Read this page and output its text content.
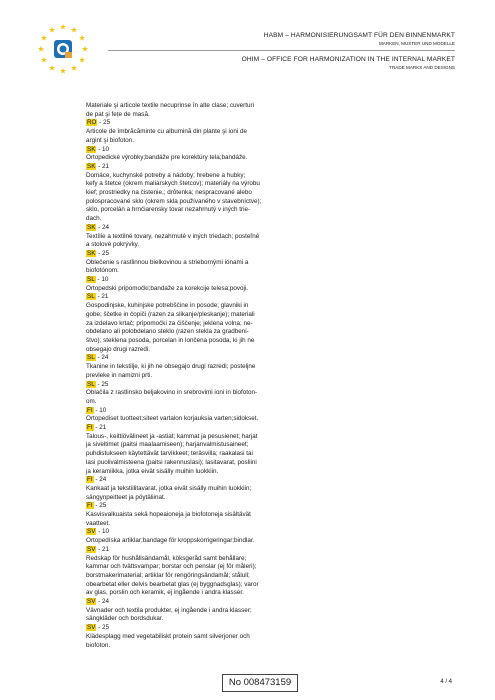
HABM – HARMONISIERUNGSAMT FÜR DEN BINNENMARKT
MARKEN, MUSTER UND MODELLE
OHIM – OFFICE FOR HARMONIZATION IN THE INTERNAL MARKET
TRADE MARKS AND DESIGNS

Materiale şi articole textile necuprinse în alte clase; cuverturi

de pat şi fețe de masă.

RO - 25

Articole de îmbrăcăminte cu albumină din plante şi ioni de

argint şi biofoton.

SK - 10

Ortopedické výrobky;bandáže pre korektúry tela;bandáže.

SK - 21

Domáce, kuchynské potreby a nádoby; hrebene a hubky;

kefy a štetce (okrem maliarskych štetcov); materiály na výrobu

kief; prostriedky na čistenie,; drôtenka; nespracované alebo

polospracované sklo (okrem skla používaného v stavebníctve);

sklo, porcelán a hrnčiarensky tovar nezahrnutý v iných trie-

dach.

SK - 24

Textílie a textilné tovary, nezahrnuté v iných triedach; posteľné

a stolové pokrývky.

SK - 25

Oblečenie s rastlinnou bielkovinou a striebornými iónami a

biofotónom.

SL - 10

Ortopedski pripomočki;bandaže za korekcije telesa;povoji.

SL - 21

Gospodinjske, kuhinjske potrebščine in posode; glavniki in

gobe; ščetke in čopiči (razen za slikanje/pleskanje); materiali

za izdelavo krtač; pripomočki za čiščenje; jeklena volna; ne-

obdelano ali polobdelano steklo (razen stekla za gradbeni-

štvo); steklena posoda, porcelan in lončena posoda, ki jih ne

obsegajo drugi razredi.

SL - 24

Tkanine in tekstilje, ki jih ne obsegajo drugi razredi; posteljne

prevleke in namizni prti.

SL - 25

Oblačila z rastlinsko beljakovino in srebrovimi ioni in biofoton-

om.

FI - 10

Ortopediset tuotteet;siteet vartalon korjauksia varten;sidokset.

FI - 21

Talous-, keittiövälineet ja -astiat; kammat ja pesusienet; harjat

ja siveltimet (paitsi maalaamiseen); harjanvalmistusaineet;

puhdistukseen käytettävät tarvikkeet; teräsvilla; raakalasi tai

lasi puolivalmisteena (paitsi rakennuslasi); lasitavarat, posliini

ja keramiikka, jotka eivät sisälly muihin luokkiin.

FI - 24

Kankaat ja tekstiilitavarat, jotka eivät sisälly muihin luokkiin;

sängynpeitteet ja pöytäliinat.

FI - 25

Kasvisvalkuaista sekä hopeaioneja ja biofotoneja sisältävät

vaatteet.

SV - 10

Ortopedíska artiklar;bandage för kroppskorrigeringar;bindlar.

SV - 21

Redskap för hushållsändamål, köksgeråd samt behållare;

kammar och tvättsvampar; borstar och penslar (ej för måleri);

borstmakerimaterial; artiklar för rengöringsändamål; stålull;

obearbetat eller delvis bearbetat glas (ej byggnadsglas); varor

av glas, porslin och keramik, ej ingående i andra klasser.

SV - 24

Vävnader och textila produkter, ej ingående i andra klasser;

sängkläder och bordsdukar.

SV - 25

Klädesplagg med vegetabiliskt protein samt silverjoner och

biofoton.

No 008473159	4 / 4
